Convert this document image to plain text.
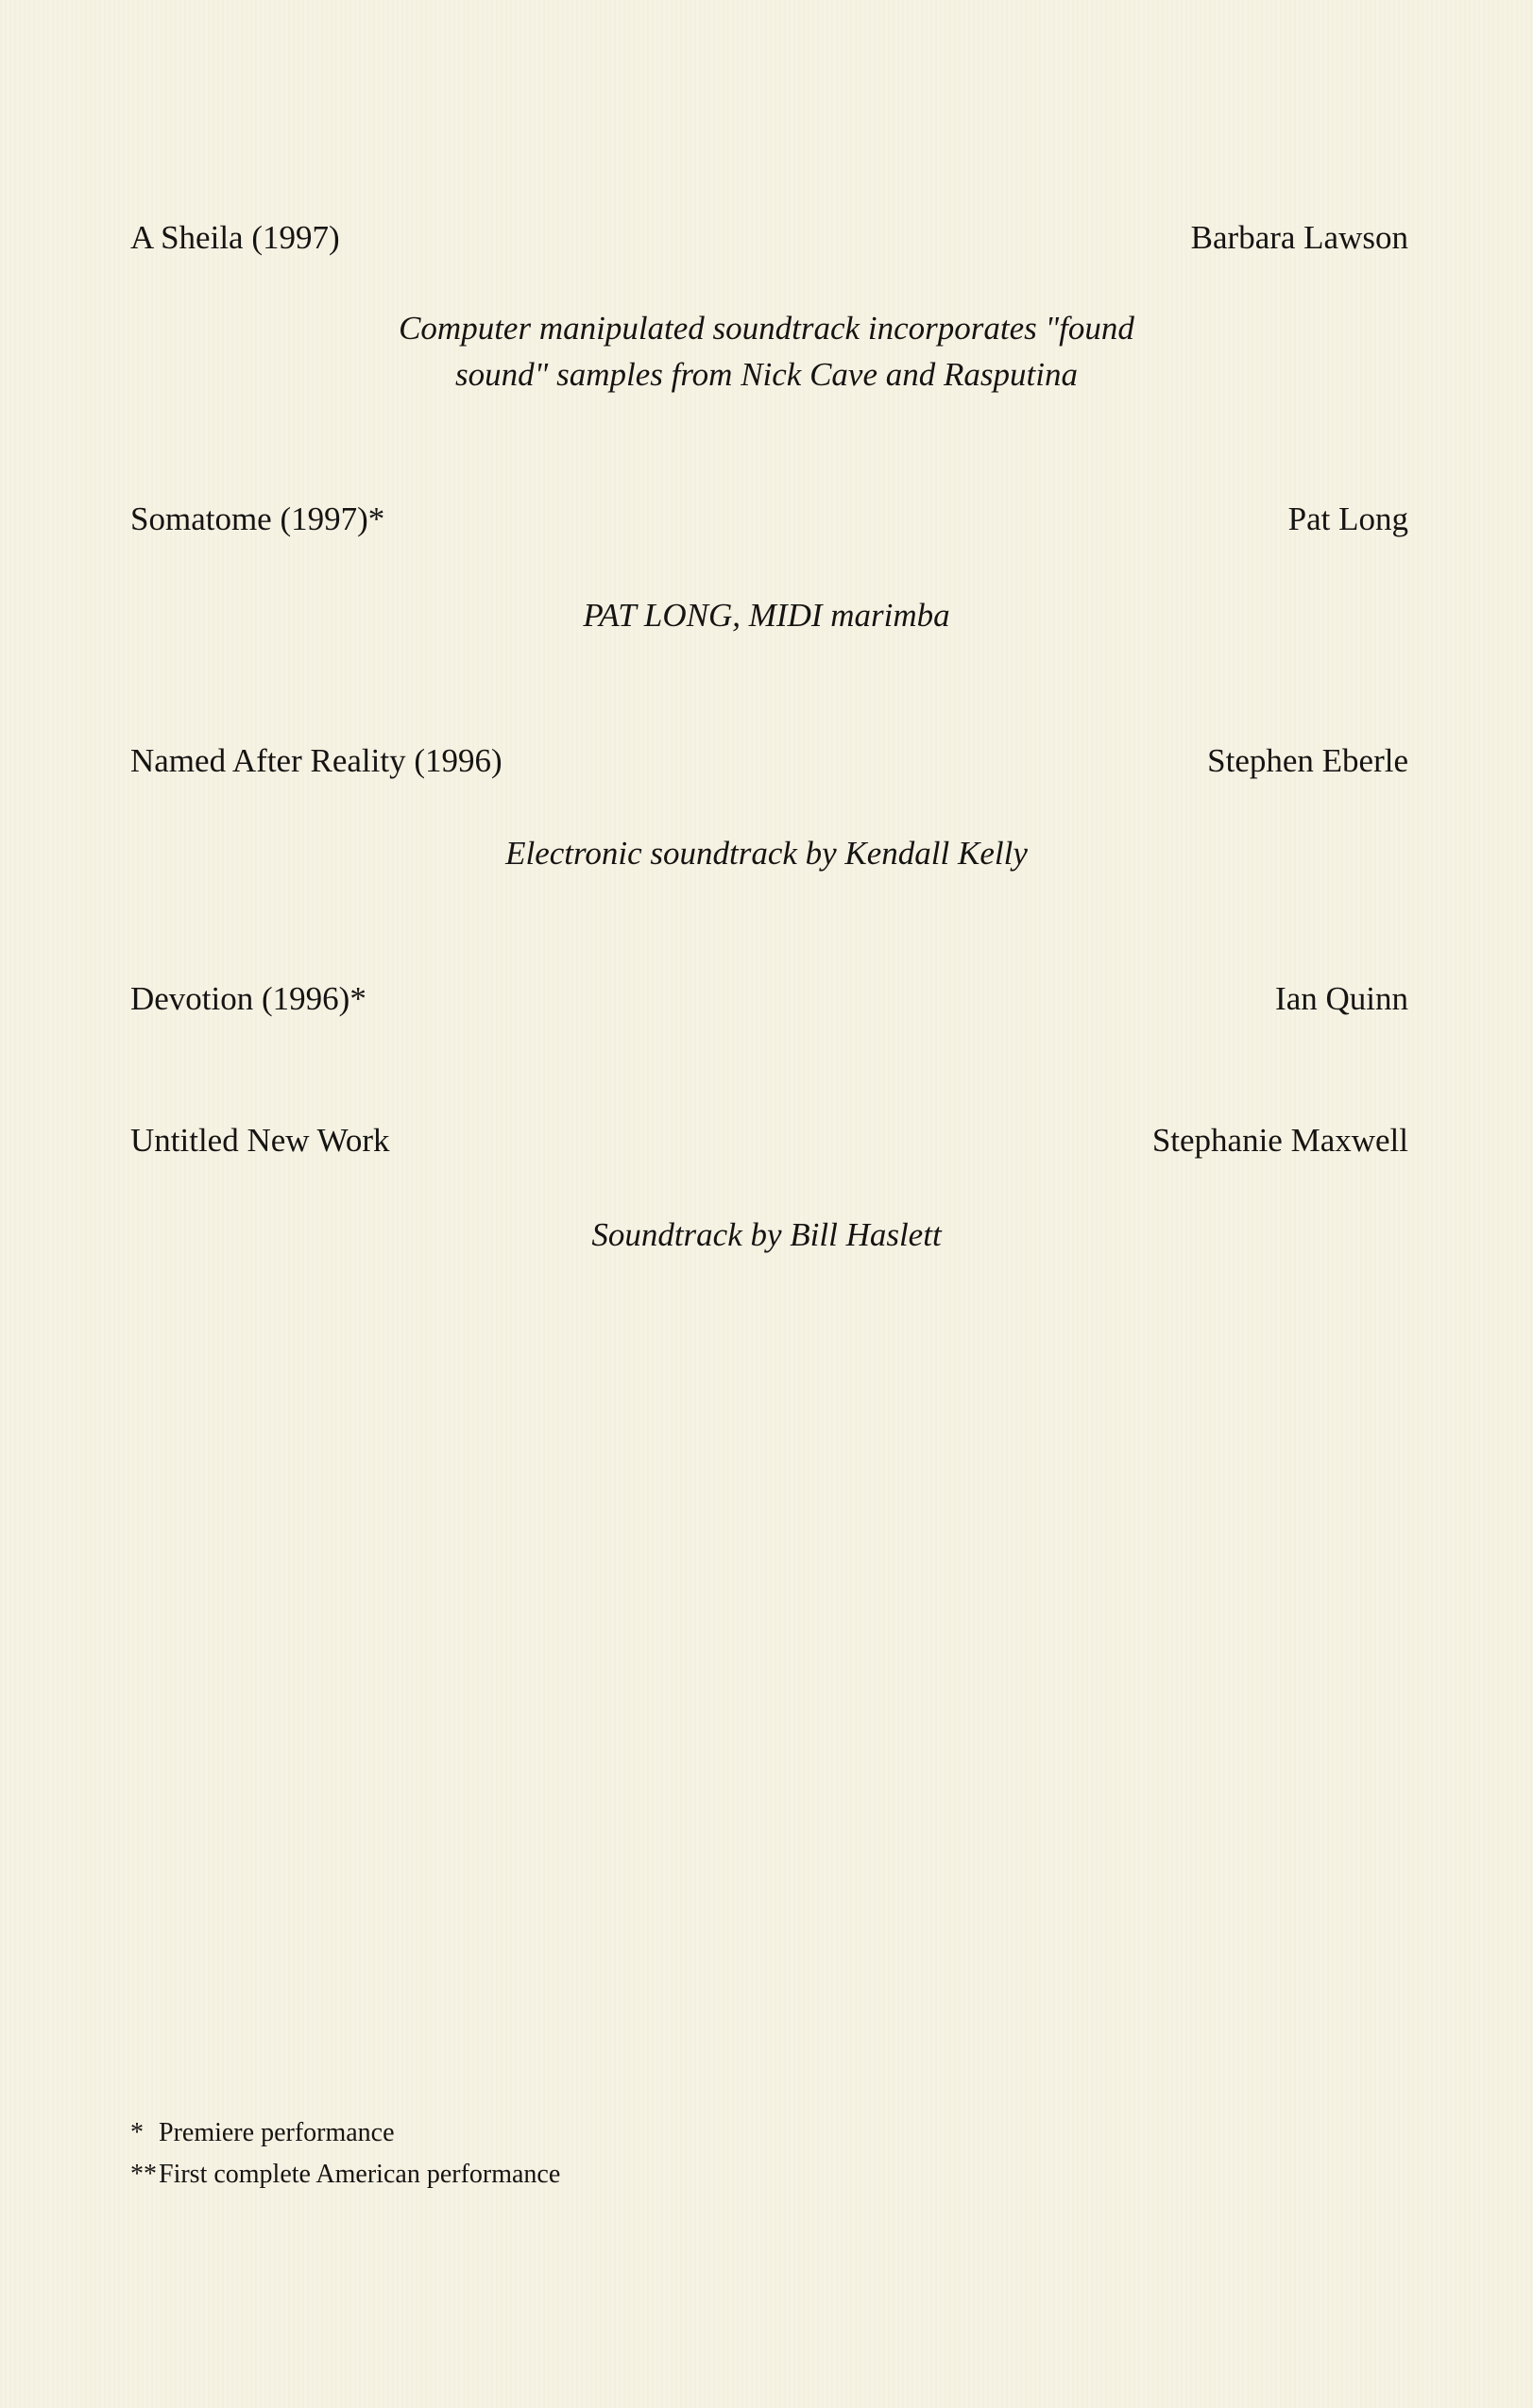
A Sheila (1997)	Barbara Lawson
Computer manipulated soundtrack incorporates "found
sound" samples from Nick Cave and Rasputina
Somatome (1997)*	Pat Long
PAT LONG, MIDI marimba
Named After Reality (1996)	Stephen Eberle
Electronic soundtrack by Kendall Kelly
Devotion (1996)*	Ian Quinn
Untitled New Work	Stephanie Maxwell
Soundtrack by Bill Haslett
* Premiere performance
**First complete American performance
